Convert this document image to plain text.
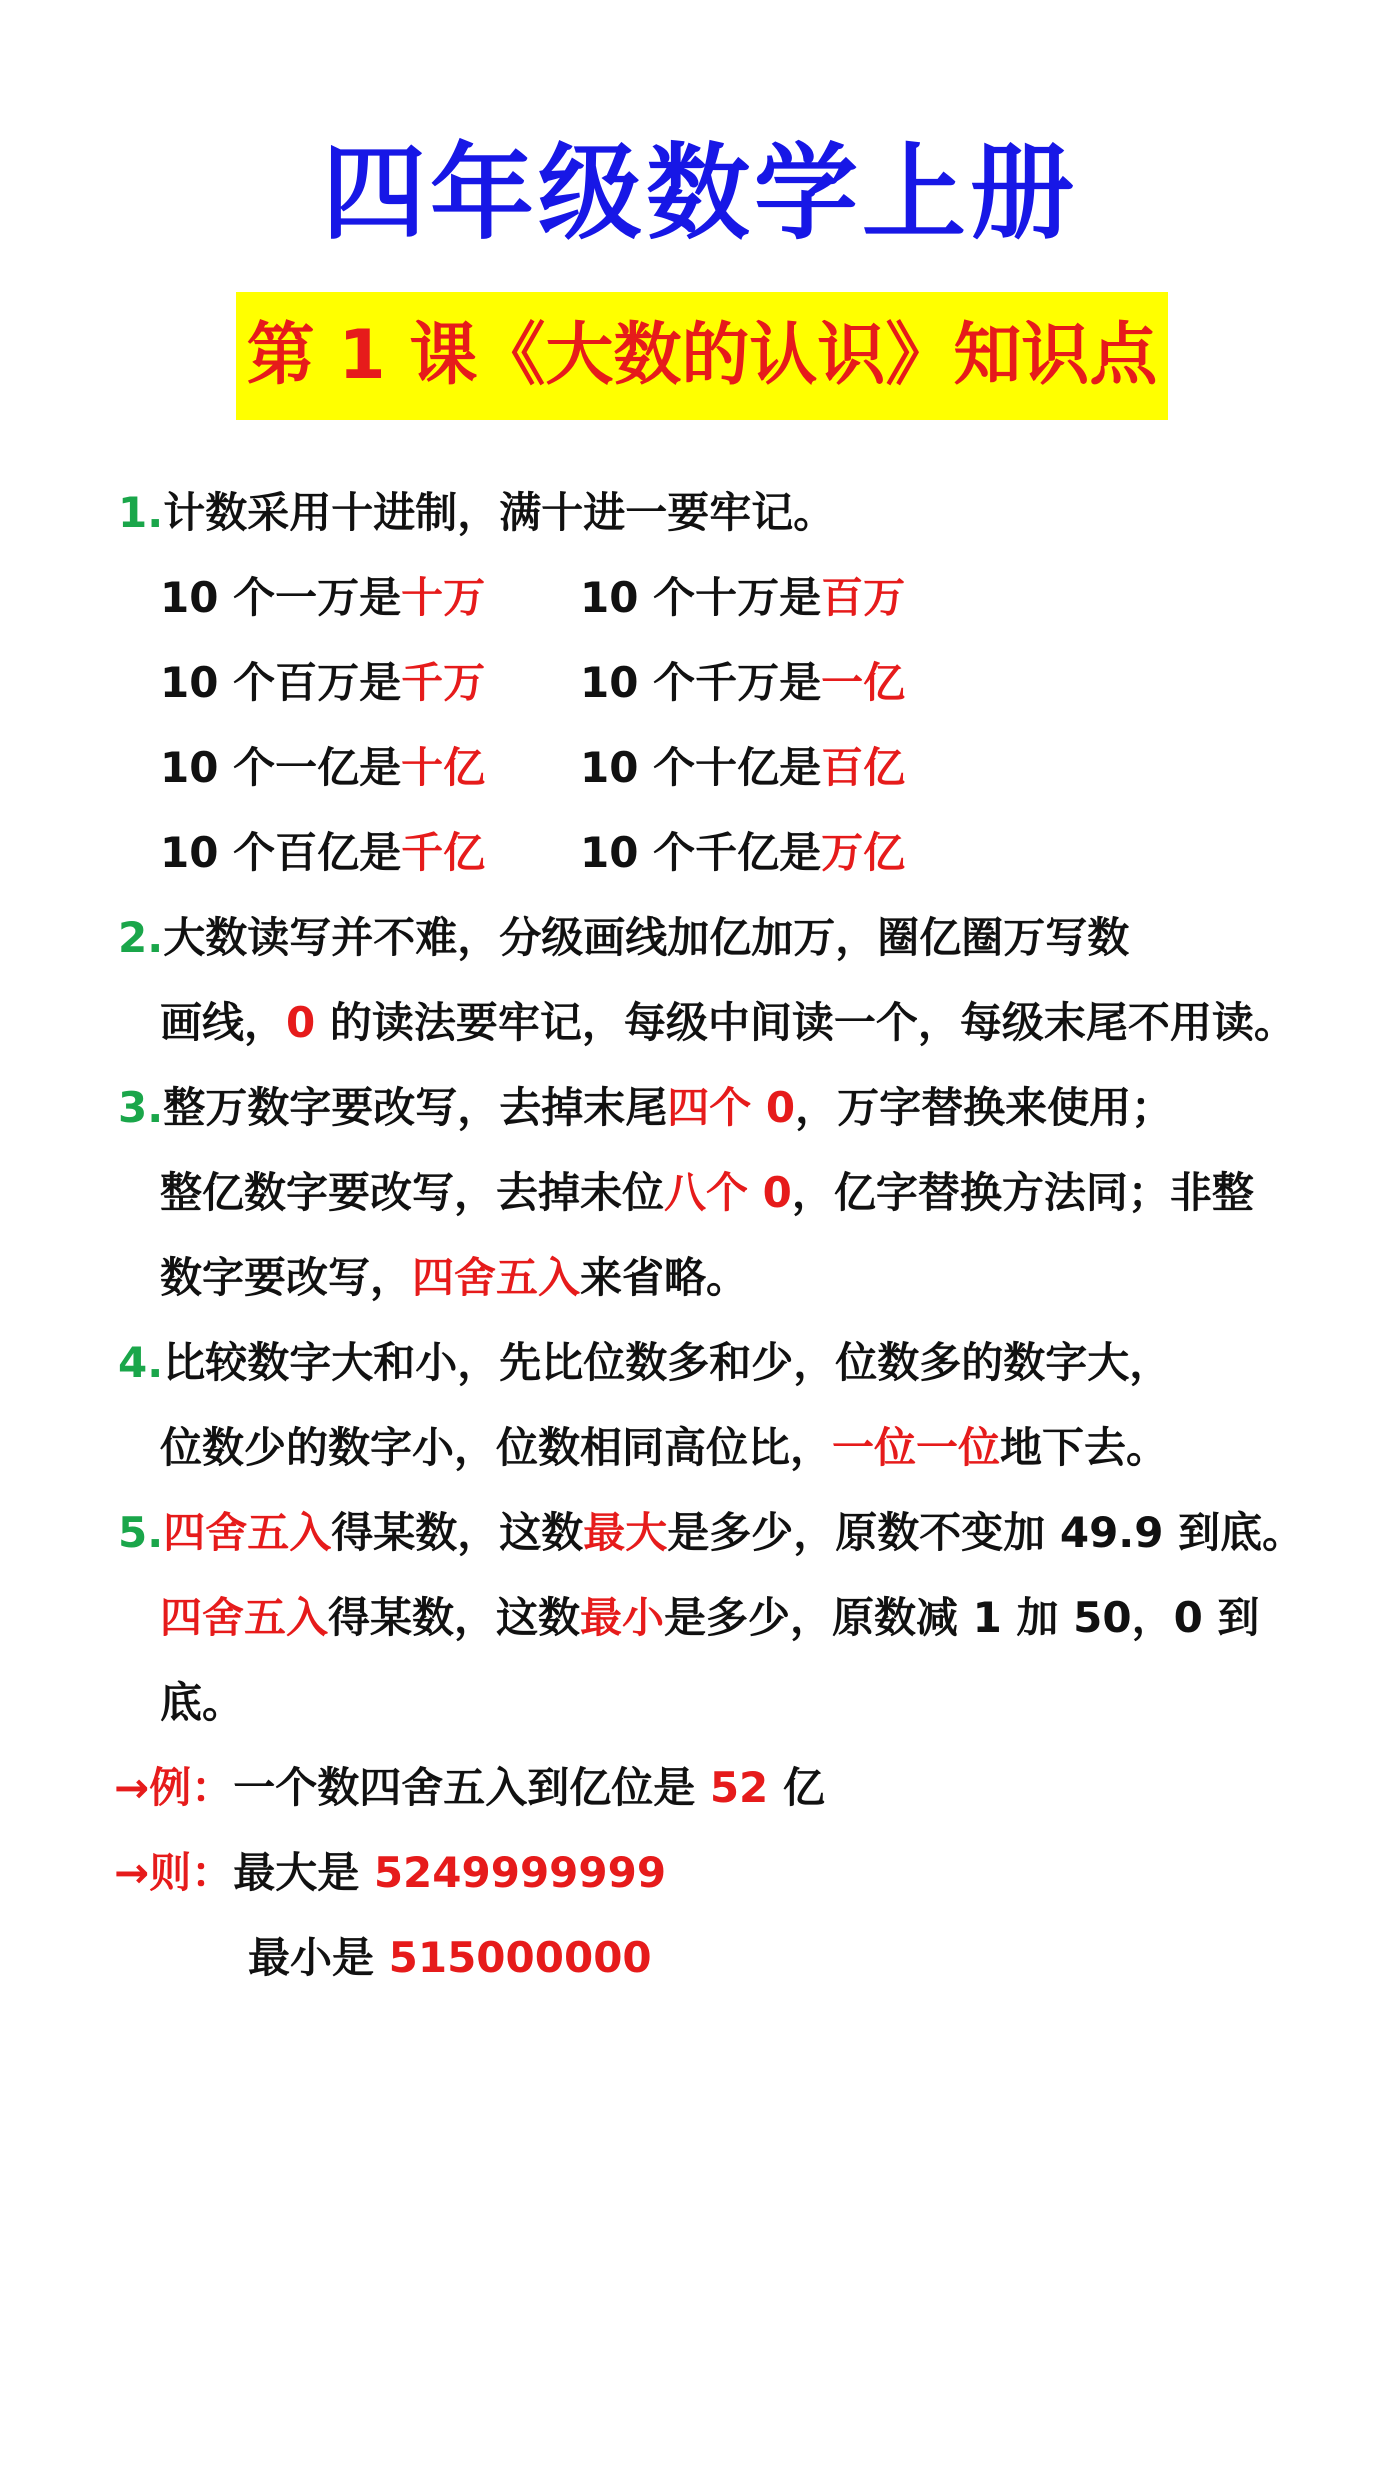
四年级数学上册
第 1 课《大数的认识》知识点
1.计数采用十进制，满十进一要牢记。
10 个一万是十万 10 个十万是百万
10 个百万是千万 10 个千万是一亿
10 个一亿是十亿 10 个十亿是百亿
10 个百亿是千亿 10 个千亿是万亿
2.大数读写并不难，分级画线加亿加万，圈亿圈万写数
画线，0 的读法要牢记，每级中间读一个，每级末尾不用读。
3.整万数字要改写，去掉末尾四个 0，万字替换来使用；
整亿数字要改写，去掉未位八个 0，亿字替换方法同；非整
数字要改写，四舍五入来省略。
4.比较数字大和小，先比位数多和少，位数多的数字大，
位数少的数字小，位数相同高位比，一位一位地下去。
5.四舍五入得某数，这数最大是多少，原数不变加 49.9 到底。
四舍五入得某数，这数最小是多少，原数减 1 加 50，0 到
底。
→例：一个数四舍五入到亿位是 52 亿
→则：最大是 5249999999
最小是 515000000
